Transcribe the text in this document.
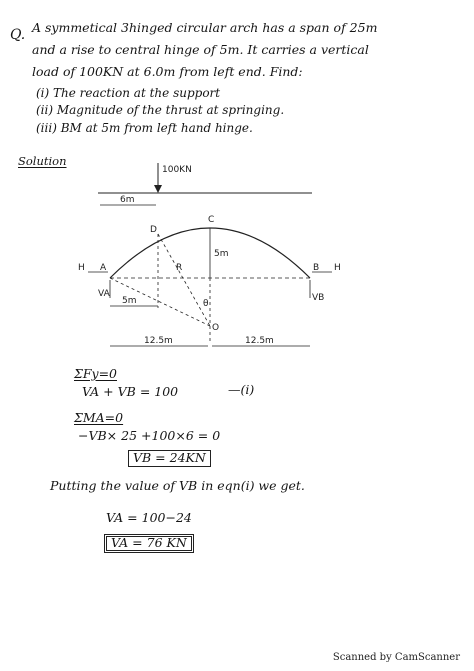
Q. A symmetical 3hinged circular arch has a span of 25m
and a rise to central hinge of 5m. It carries a vertical
load of 100KN at 6.0m from left end. Find:
(i) The reaction at the support
(ii) Magnitude of the thrust at springing.
(iii) BM at 5m from left hand hinge.
Solution
100KN
6m
A	B
C
D
R
O
θ
5m
H	H
VA	VB
5m
12.5m	12.5m
ΣFy=0
VA + VB = 100	—(i)
ΣMA=0
−VB× 25 +100×6 = 0
VB = 24KN
Putting the value of VB in eqn(i) we get.
VA = 100−24
VA = 76 KN
Scanned by CamScanner
